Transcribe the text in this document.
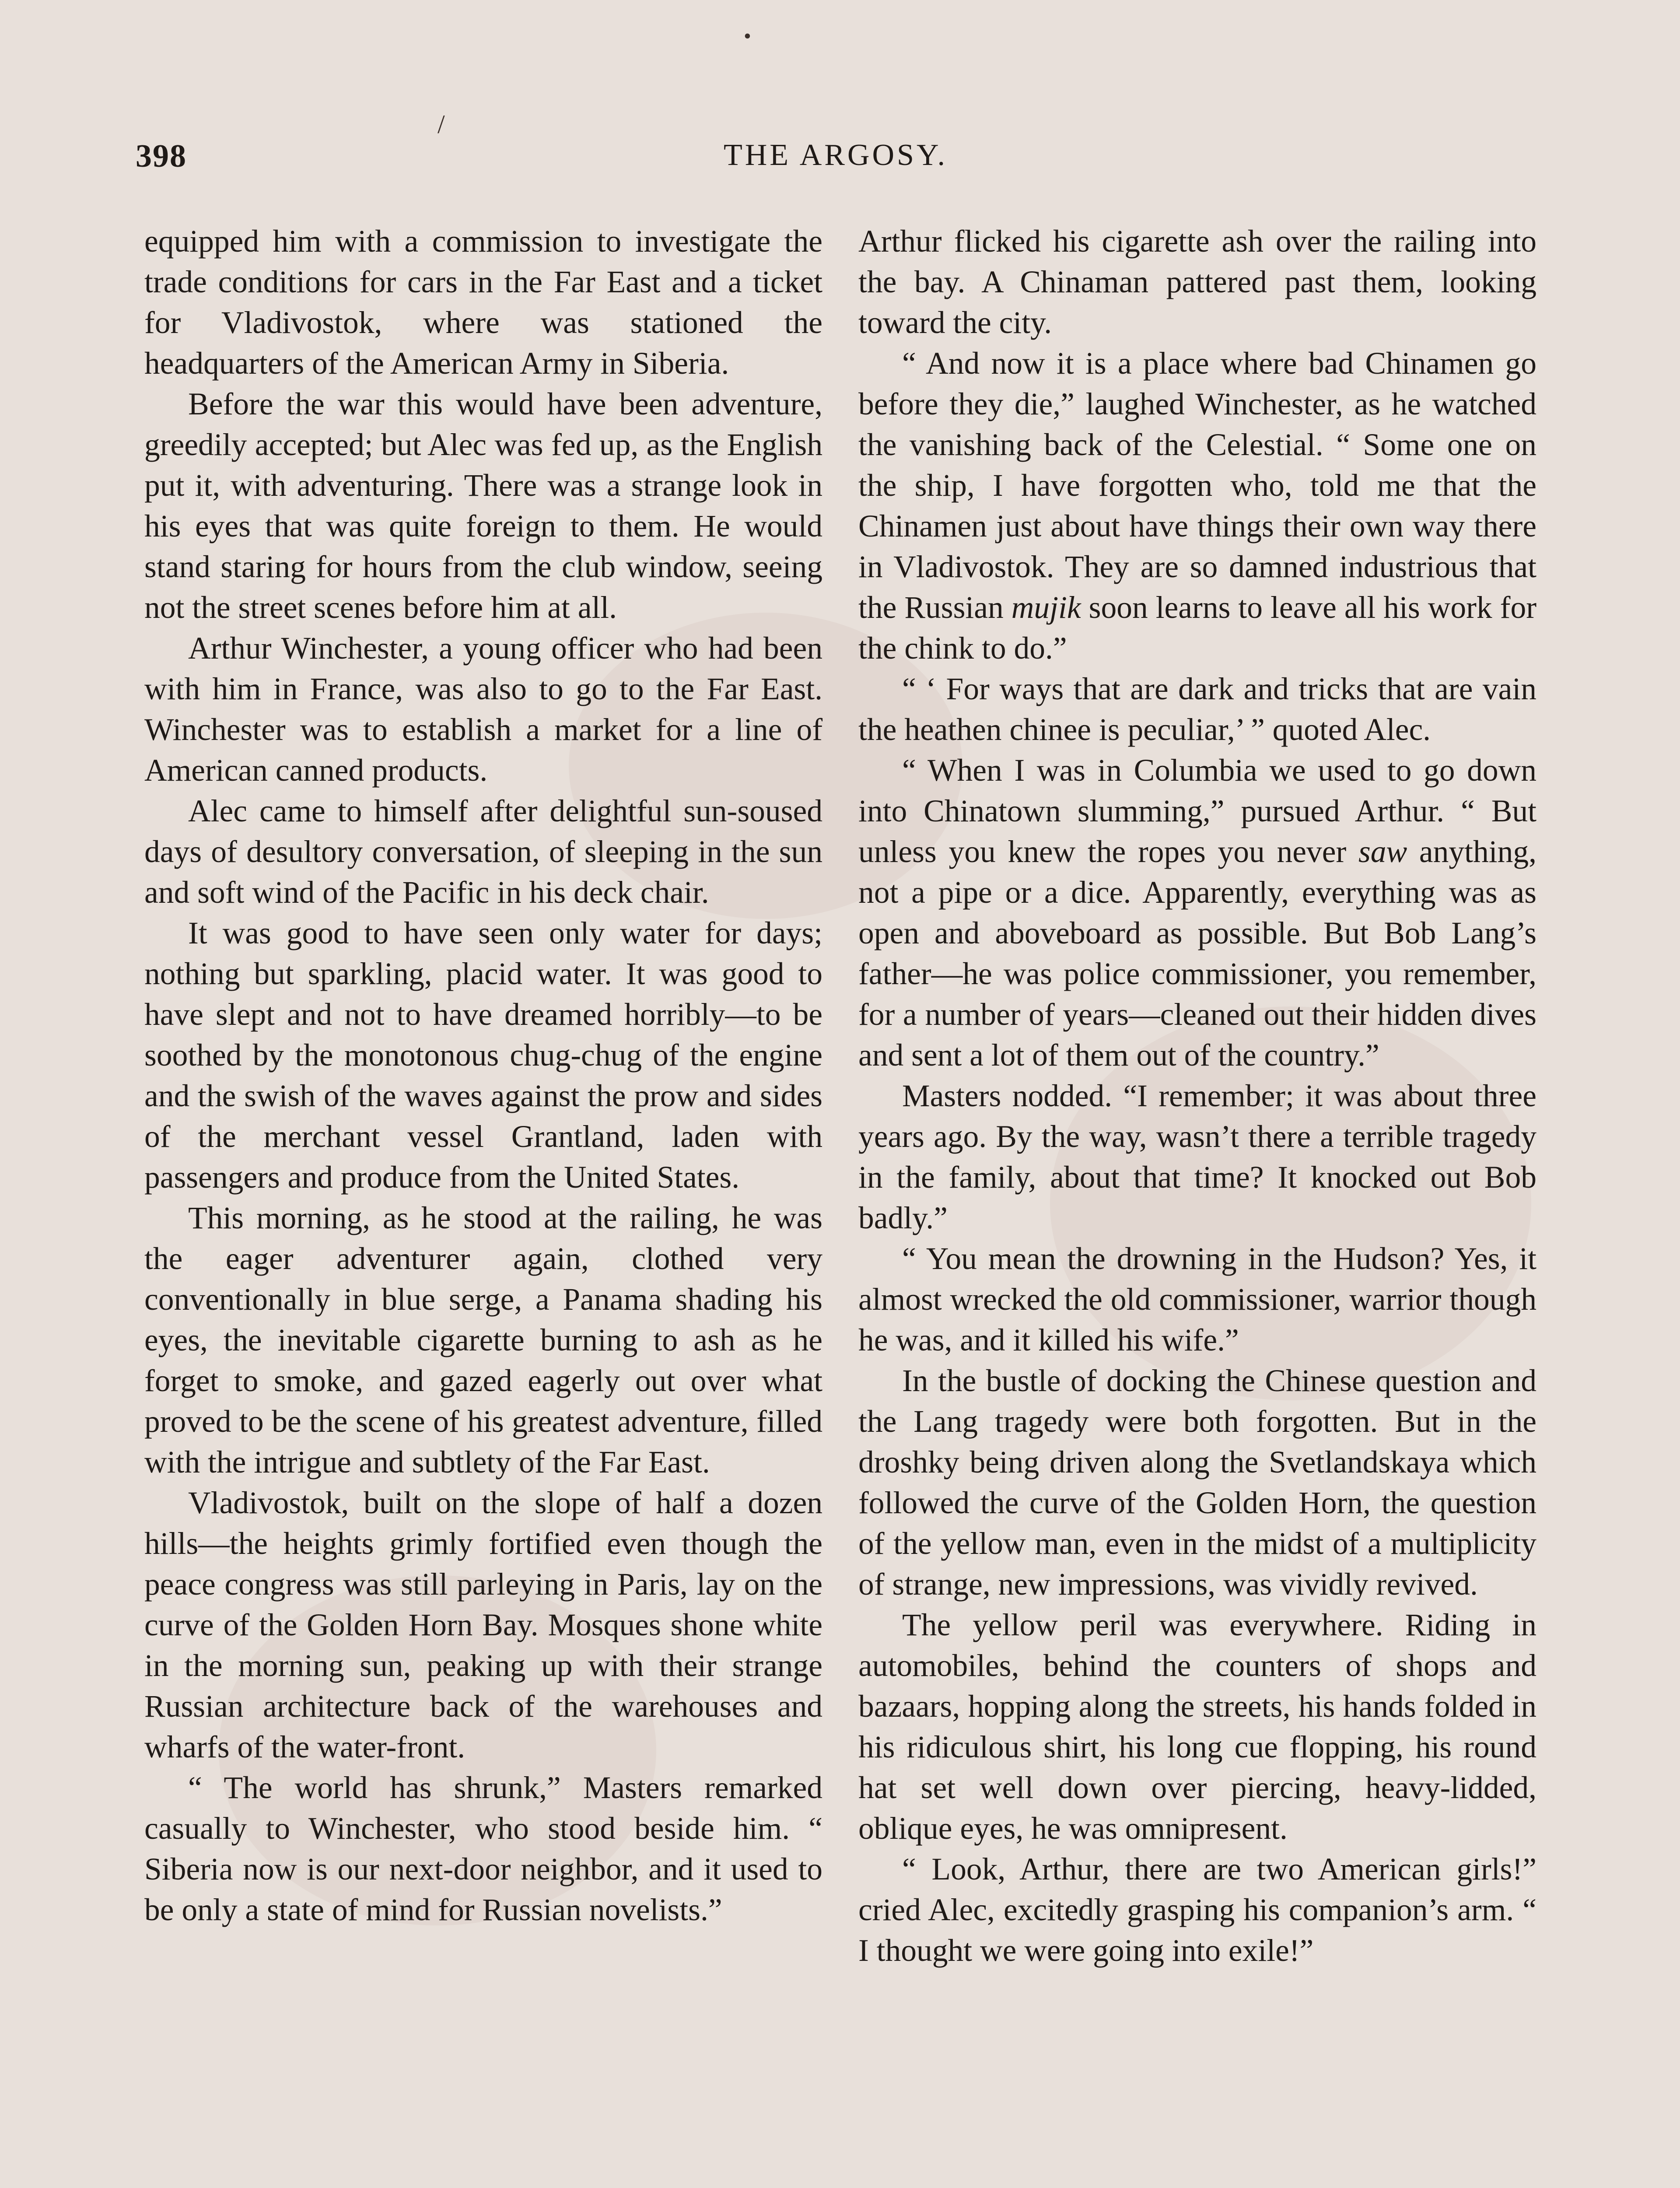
•
/
398	THE ARGOSY.

equipped him with a commission to investigate the trade conditions for cars in the Far East and a ticket for Vladivostok, where was stationed the headquarters of the American Army in Siberia.

Before the war this would have been adventure, greedily accepted; but Alec was fed up, as the English put it, with adventuring. There was a strange look in his eyes that was quite foreign to them. He would stand staring for hours from the club window, seeing not the street scenes before him at all.

Arthur Winchester, a young officer who had been with him in France, was also to go to the Far East. Winchester was to establish a market for a line of American canned products.

Alec came to himself after delightful sun-soused days of desultory conversation, of sleeping in the sun and soft wind of the Pacific in his deck chair.

It was good to have seen only water for days; nothing but sparkling, placid water. It was good to have slept and not to have dreamed horribly—to be soothed by the monotonous chug-chug of the engine and the swish of the waves against the prow and sides of the merchant vessel Grantland, laden with passengers and produce from the United States.

This morning, as he stood at the railing, he was the eager adventurer again, clothed very conventionally in blue serge, a Panama shading his eyes, the inevitable cigarette burning to ash as he forget to smoke, and gazed eagerly out over what proved to be the scene of his greatest adventure, filled with the intrigue and subtlety of the Far East.

Vladivostok, built on the slope of half a dozen hills—the heights grimly fortified even though the peace congress was still parleying in Paris, lay on the curve of the Golden Horn Bay. Mosques shone white in the morning sun, peaking up with their strange Russian architecture back of the warehouses and wharfs of the water-front.

“ The world has shrunk,” Masters remarked casually to Winchester, who stood beside him. “ Siberia now is our next-door neighbor, and it used to be only a state of mind for Russian novelists.”

Arthur flicked his cigarette ash over the railing into the bay. A Chinaman pattered past them, looking toward the city.

“ And now it is a place where bad Chinamen go before they die,” laughed Winchester, as he watched the vanishing back of the Celestial. “ Some one on the ship, I have forgotten who, told me that the Chinamen just about have things their own way there in Vladivostok. They are so damned industrious that the Russian mujik soon learns to leave all his work for the chink to do.”

“ ‘ For ways that are dark and tricks that are vain the heathen chinee is peculiar,’ ” quoted Alec.

“ When I was in Columbia we used to go down into Chinatown slumming,” pursued Arthur. “ But unless you knew the ropes you never saw anything, not a pipe or a dice. Apparently, everything was as open and aboveboard as possible. But Bob Lang’s father—he was police commissioner, you remember, for a number of years—cleaned out their hidden dives and sent a lot of them out of the country.”

Masters nodded. “I remember; it was about three years ago. By the way, wasn’t there a terrible tragedy in the family, about that time? It knocked out Bob badly.”

“ You mean the drowning in the Hudson? Yes, it almost wrecked the old commissioner, warrior though he was, and it killed his wife.”

In the bustle of docking the Chinese question and the Lang tragedy were both forgotten. But in the droshky being driven along the Svetlandskaya which followed the curve of the Golden Horn, the question of the yellow man, even in the midst of a multiplicity of strange, new impressions, was vividly revived.

The yellow peril was everywhere. Riding in automobiles, behind the counters of shops and bazaars, hopping along the streets, his hands folded in his ridiculous shirt, his long cue flopping, his round hat set well down over piercing, heavy-lidded, oblique eyes, he was omnipresent.

“ Look, Arthur, there are two American girls!” cried Alec, excitedly grasping his companion’s arm. “ I thought we were going into exile!”
